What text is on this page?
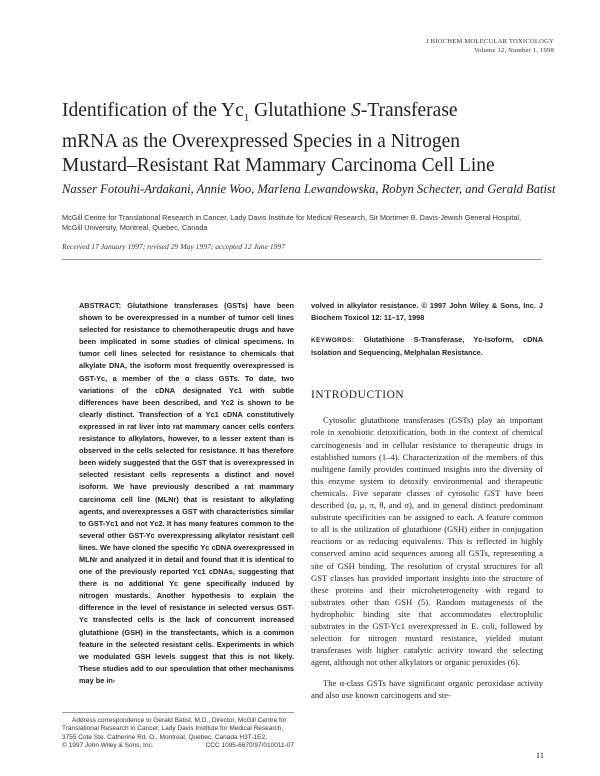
J BIOCHEM MOLECULAR TOXICOLOGY
Volume 12, Number 1, 1998
Identification of the $Yc_1$ Glutathione S-Transferase
mRNA as the Overexpressed Species in a Nitrogen
Mustard–Resistant Rat Mammary Carcinoma Cell Line
Nasser Fotouhi-Ardakani, Annie Woo, Marlena Lewandowska, Robyn Schecter, and Gerald Batist
McGill Centre for Translational Research in Cancer, Lady Davis Institute for Medical Research, Sir Mortimer B. Davis-Jewish General Hospital, McGill University, Montreal, Quebec, Canada
Received 17 January 1997; revised 29 May 1997; accepted 12 June 1997
ABSTRACT: Glutathione transferases (GSTs) have been shown to be overexpressed in a number of tumor cell lines selected for resistance to chemotherapeutic drugs and have been implicated in some studies of clinical specimens. In tumor cell lines selected for resistance to chemicals that alkylate DNA, the isoform most frequently overexpressed is GST-Yc, a member of the α class GSTs. To date, two variations of the cDNA designated Yc1 with subtle differences have been described, and Yc2 is shown to be clearly distinct. Transfection of a Yc1 cDNA constitutively expressed in rat liver into rat mammary cancer cells confers resistance to alkylators, however, to a lesser extent than is observed in the cells selected for resistance. It has therefore been widely suggested that the GST that is overexpressed in selected resistant cells represents a distinct and novel isoform. We have previously described a rat mammary carcinoma cell line (MLNr) that is resistant to alkylating agents, and overexpresses a GST with characteristics similar to GST-Yc1 and not Yc2. It has many features common to the several other GST-Yc overexpressing alkylator resistant cell lines. We have cloned the specific Yc cDNA overexpressed in MLNr and analyzed it in detail and found that it is identical to one of the previously reported Yc1 cDNAs, suggesting that there is no additional Yc gene specifically induced by nitrogen mustards. Another hypothesis to explain the difference in the level of resistance in selected versus GST-Yc transfected cells is the lack of concurrent increased glutathione (GSH) in the transfectants, which is a common feature in the selected resistant cells. Experiments in which we modulated GSH levels suggest that this is not likely. These studies add to our speculation that other mechanisms may be in-
Address correspondence to Gerald Batist, M.D., Director, McGill Centre for Translational Research in Cancer, Lady Davis Institute for Medical Research, 3755 Cote Ste. Catherine Rd. O., Montreal, Quebec, Canada H3T-1E2.
© 1997 John Wiley & Sons, Inc.	CCC 1095-6670/97/010011-07
volved in alkylator resistance. © 1997 John Wiley & Sons, Inc. J Biochem Toxicol 12: 11–17, 1998
KEYWORDS: Glutathione S-Transferase, Yc-Isoform, cDNA Isolation and Sequencing, Melphalan Resistance.
INTRODUCTION

Cytosolic glutathione transferases (GSTs) play an important role in xenobiotic detoxification, both in the context of chemical carcinogenesis and in cellular resistance to therapeutic drugs in established tumors (1–4). Characterization of the members of this multigene family provides continued insights into the diversity of this enzyme system to detoxify environmental and therapeutic chemicals. Five separate classes of cytosolic GST have been described (α, μ, π, θ, and σ), and in general distinct predominant substrate specificities can be assigned to each. A feature common to all is the utilization of glutathione (GSH) either in conjugation reactions or as reducing equivalents. This is reflected in highly conserved amino acid sequences among all GSTs, representing a site of GSH binding. The resolution of crystal structures for all GST classes has provided important insights into the structure of these proteins and their microheterogeneity with regard to substrates other than GSH (5). Random mutagenesis of the hydrophobic binding site that accommodates electrophilic substrates in the GST-Yc1 overexpressed in E. coli, followed by selection for nitrogen mustard resistance, yielded mutant transferases with higher catalytic activity toward the selecting agent, although not other alkylators or organic peroxides (6).

The α-class GSTs have significant organic peroxidase activity and also use known carcinogens and ste-

11
